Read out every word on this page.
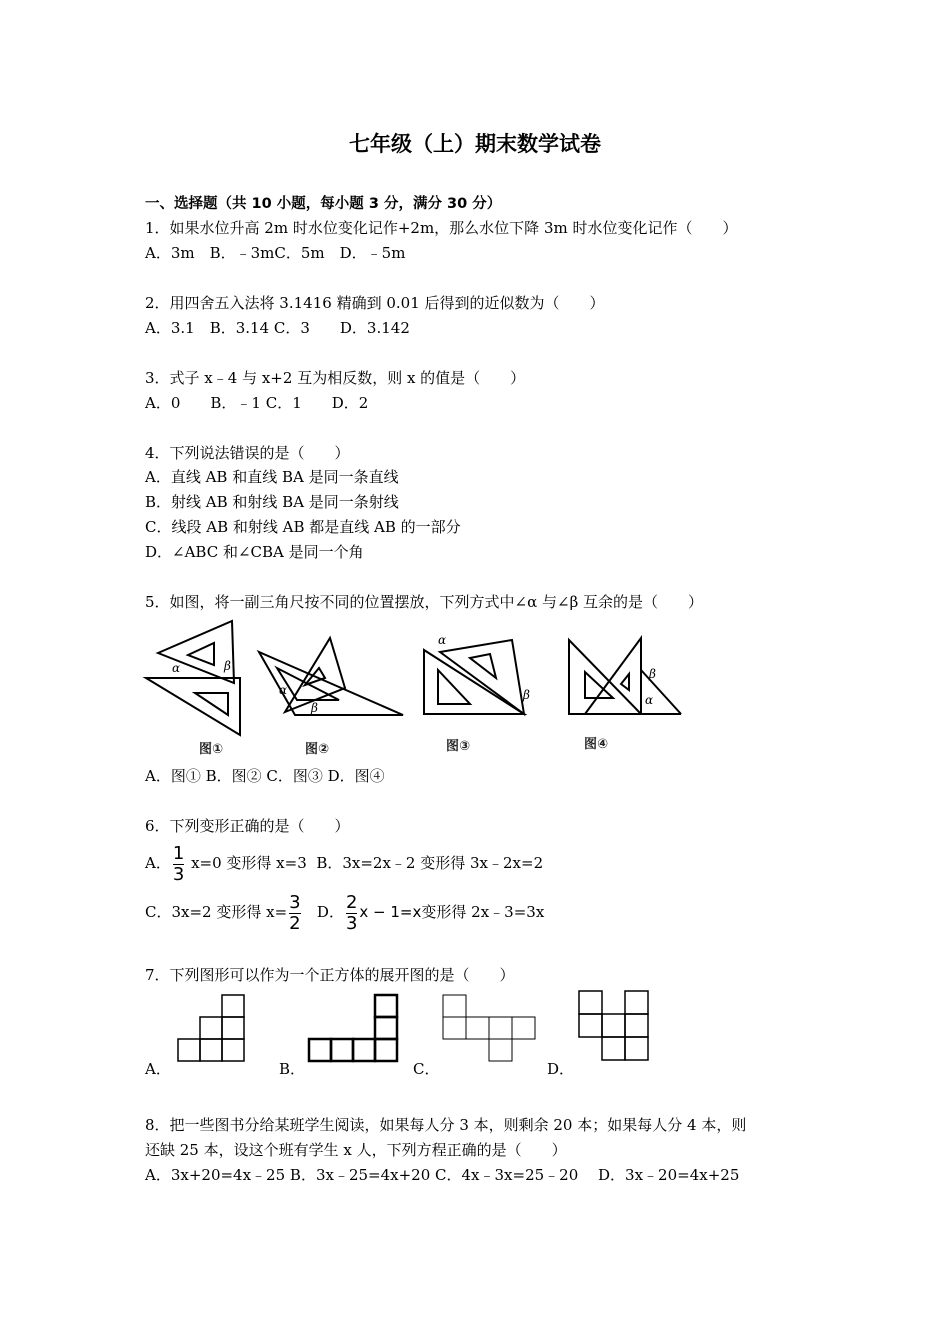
七年级（上）期末数学试卷
一、选择题（共 10 小题，每小题 3 分，满分 30 分）
1．如果水位升高 2m 时水位变化记作+2m，那么水位下降 3m 时水位变化记作（　　）
A．3m　B．﹣3mC．5m　D．﹣5m
2．用四舍五入法将 3.1416 精确到 0.01 后得到的近似数为（　　）
A．3.1　B．3.14 C．3　　D．3.142
3．式子 x﹣4 与 x+2 互为相反数，则 x 的值是（　　）
A．0　　B．﹣1 C．1　　D．2
4．下列说法错误的是（　　）
A．直线 AB 和直线 BA 是同一条直线
B．射线 AB 和射线 BA 是同一条射线
C．线段 AB 和射线 AB 都是直线 AB 的一部分
D．∠ABC 和∠CBA 是同一个角
5．如图，将一副三角尺按不同的位置摆放，下列方式中∠α 与∠β 互余的是（　　）
α	β
图①
α
β
图②
α
β
图③
β
α
图④
A．图① B．图② C．图③ D．图④
6．下列变形正确的是（　　）
A． $\frac{1}{3} x=0$ 变形得 x=3 B．3x=2x﹣2 变形得 3x﹣2x=2
C．3x=2 变形得 $x= \frac{3}{2}$ D． $\frac{2}{3}$ x − 1=x变形得 2x﹣3=3x
7．下列图形可以作为一个正方体的展开图的是（　　）
A．	B．	C．	D．
8．把一些图书分给某班学生阅读，如果每人分 3 本，则剩余 20 本；如果每人分 4 本，则
还缺 25 本，设这个班有学生 x 人，下列方程正确的是（　　）
A．3x+20=4x﹣25 B．3x﹣25=4x+20 C．4x﹣3x=25﹣20　 D．3x﹣20=4x+25
